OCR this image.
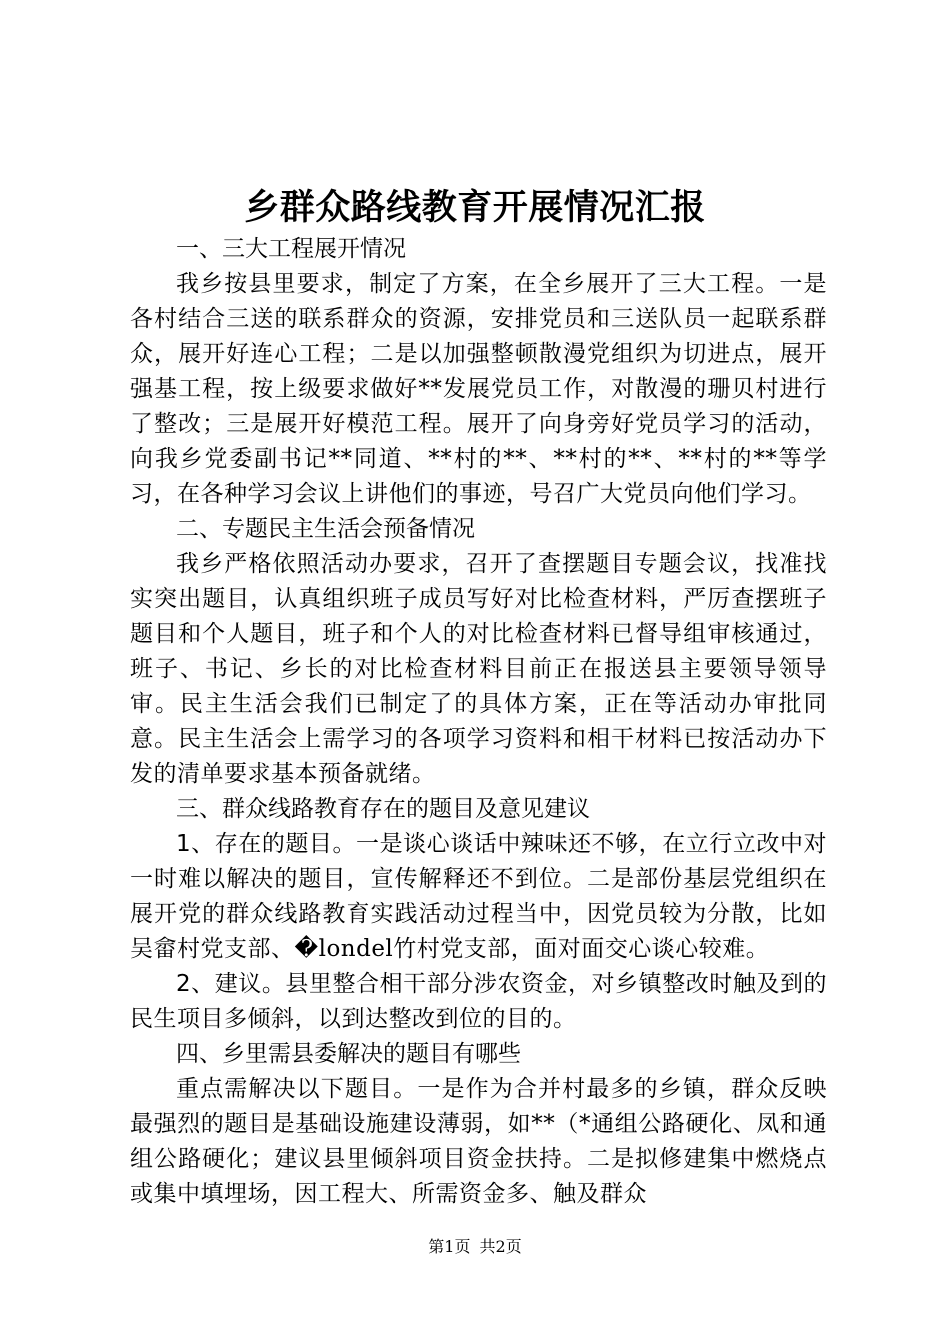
乡群众路线教育开展情况汇报
一、三大工程展开情况

我乡按县里要求，制定了方案，在全乡展开了三大工程。一是各村结合三送的联系群众的资源，安排党员和三送队员一起联系群众，展开好连心工程；二是以加强整顿散漫党组织为切进点，展开强基工程，按上级要求做好**发展党员工作，对散漫的珊贝村进行了整改；三是展开好模范工程。展开了向身旁好党员学习的活动，向我乡党委副书记**同道、**村的**、**村的**、**村的**等学习，在各种学习会议上讲他们的事迹，号召广大党员向他们学习。

二、专题民主生活会预备情况

我乡严格依照活动办要求，召开了查摆题目专题会议，找准找实突出题目，认真组织班子成员写好对比检查材料，严厉查摆班子题目和个人题目，班子和个人的对比检查材料已督导组审核通过，班子、书记、乡长的对比检查材料目前正在报送县主要领导领导审。民主生活会我们已制定了的具体方案，正在等活动办审批同意。民主生活会上需学习的各项学习资料和相干材料已按活动办下发的清单要求基本预备就绪。

三、群众线路教育存在的题目及意见建议

1、存在的题目。一是谈心谈话中辣味还不够，在立行立改中对一时难以解决的题目，宣传解释还不到位。二是部份基层党组织在展开党的群众线路教育实践活动过程当中，因党员较为分散，比如吴畲村党支部、�londel竹村党支部，面对面交心谈心较难。

2、建议。县里整合相干部分涉农资金，对乡镇整改时触及到的民生项目多倾斜，以到达整改到位的目的。

四、乡里需县委解决的题目有哪些

重点需解决以下题目。一是作为合并村最多的乡镇，群众反映最强烈的题目是基础设施建设薄弱，如**（*通组公路硬化、凤和通组公路硬化；建议县里倾斜项目资金扶持。二是拟修建集中燃烧点或集中填埋场，因工程大、所需资金多、触及群众

第1页 共2页
